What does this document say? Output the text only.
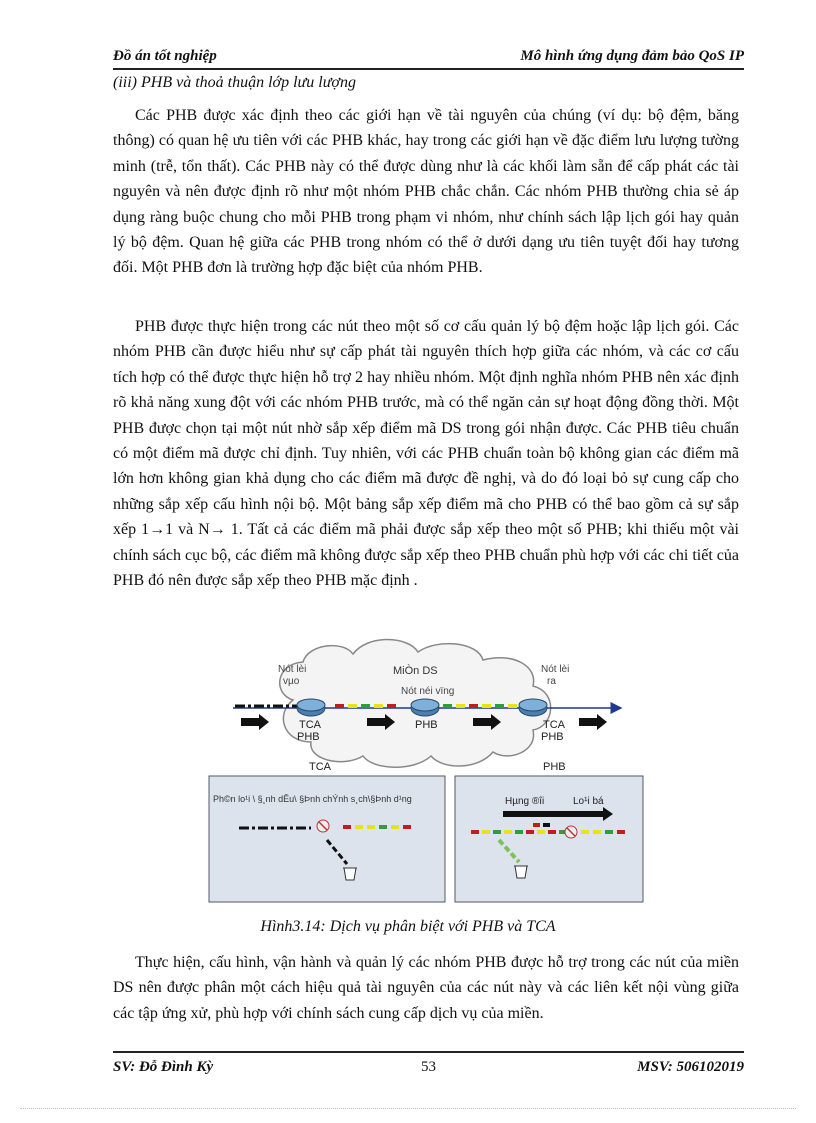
Đồ án tốt nghiệp	Mô hình ứng dụng đảm bảo QoS IP
(iii) PHB và thoả thuận lớp lưu lượng

Các PHB được xác định theo các giới hạn về tài nguyên của chúng (ví dụ: bộ đệm, băng thông) có quan hệ ưu tiên với các PHB khác, hay trong các giới hạn về đặc điểm lưu lượng tường minh (trễ, tổn thất). Các PHB này có thể được dùng như là các khối làm sẵn để cấp phát các tài nguyên và nên được định rõ như một nhóm PHB chắc chắn. Các nhóm PHB thường chia sẻ áp dụng ràng buộc chung cho mỗi PHB trong phạm vi nhóm, như chính sách lập lịch gói hay quản lý bộ đệm. Quan hệ giữa các PHB trong nhóm có thể ở dưới dạng ưu tiên tuyệt đối hay tương đối. Một PHB đơn là trường hợp đặc biệt của nhóm PHB.

PHB được thực hiện trong các nút theo một số cơ cấu quản lý bộ đệm hoặc lập lịch gói. Các nhóm PHB cần được hiểu như sự cấp phát tài nguyên thích hợp giữa các nhóm, và các cơ cấu tích hợp có thể được thực hiện hỗ trợ 2 hay nhiều nhóm. Một định nghĩa nhóm PHB nên xác định rõ khả năng xung đột với các nhóm PHB trước, mà có thể ngăn cản sự hoạt động đồng thời. Một PHB được chọn tại một nút nhờ sắp xếp điểm mã DS trong gói nhận được. Các PHB tiêu chuẩn có một điểm mã được chỉ định. Tuy nhiên, với các PHB chuẩn toàn bộ không gian các điểm mã lớn hơn không gian khả dụng cho các điểm mã được đề nghị, và do đó loại bỏ sự cung cấp cho những sắp xếp cấu hình nội bộ. Một bảng sắp xếp điểm mã cho PHB có thể bao gồm cả sự sắp xếp 1→1 và N→ 1. Tất cả các điểm mã phải được sắp xếp theo một số PHB; khi thiếu một vài chính sách cục bộ, các điểm mã không được sắp xếp theo PHB chuẩn phù hợp với các chi tiết của PHB đó nên được sắp xếp theo PHB mặc định .

MiÒn DS
Nót lèi
vµo
Nót néi vïng
Nót lèi
ra
TCA
PHB
PHB	TCA
PHB
TCA	PHB
Ph©n lo¹i \ §¸nh dÊu\ §Þnh chÝnh s¸ch\§Þnh d¹ng	Hµng ®îi	Lo¹i bá
Hình3.14: Dịch vụ phân biệt với PHB và TCA

Thực hiện, cấu hình, vận hành và quản lý các nhóm PHB được hỗ trợ trong các nút của miền DS nên được phân một cách hiệu quả tài nguyên của các nút này và các liên kết nội vùng giữa các tập ứng xử, phù hợp với chính sách cung cấp dịch vụ của miền.

SV: Đỗ Đình Kỳ	53	MSV: 506102019
